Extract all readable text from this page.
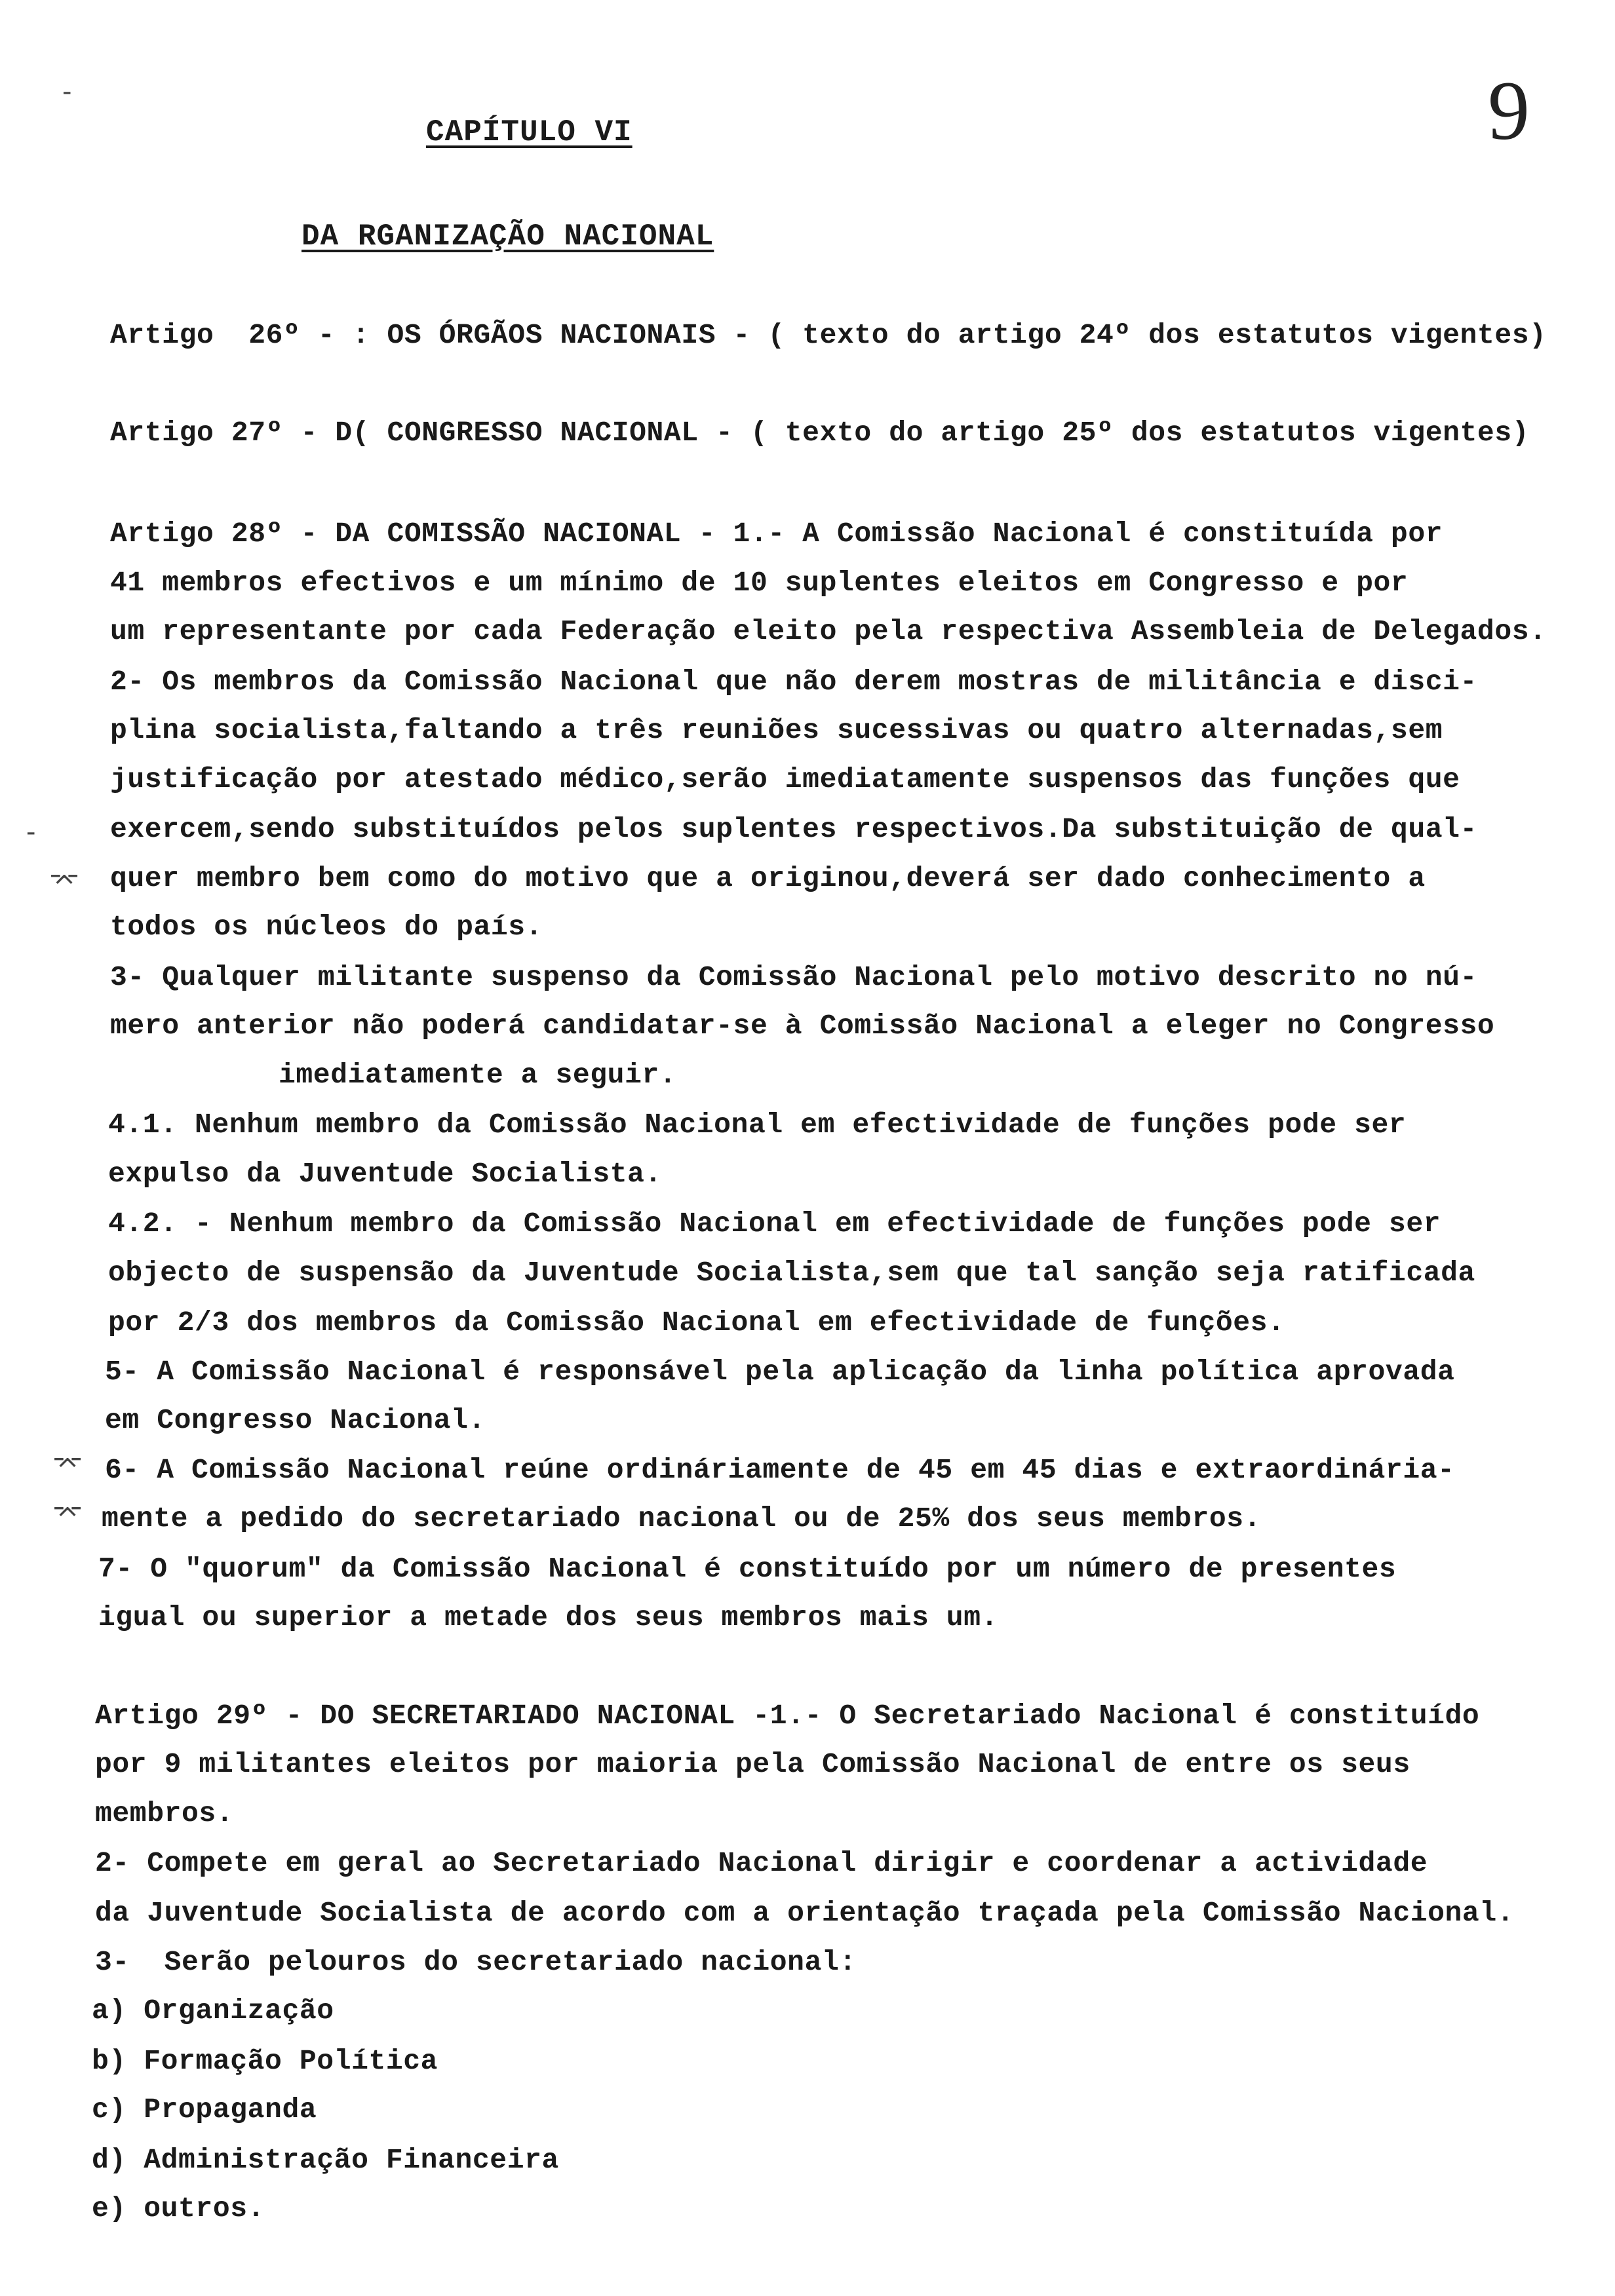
9
CAPÍTULO VI
DA RGANIZAÇÃO NACIONAL
Artigo  26º - : OS ÓRGÃOS NACIONAIS - ( texto do artigo 24º dos estatutos vigentes)
Artigo 27º - D( CONGRESSO NACIONAL - ( texto do artigo 25º dos estatutos vigentes)
Artigo 28º - DA COMISSÃO NACIONAL - 1.- A Comissão Nacional é constituída por
41 membros efectivos e um mínimo de 10 suplentes eleitos em Congresso e por
um representante por cada Federação eleito pela respectiva Assembleia de Delegados.
2- Os membros da Comissão Nacional que não derem mostras de militância e disci-
plina socialista,faltando a três reuniões sucessivas ou quatro alternadas,sem
justificação por atestado médico,serão imediatamente suspensos das funções que
exercem,sendo substituídos pelos suplentes respectivos.Da substituição de qual-
quer membro bem como do motivo que a originou,deverá ser dado conhecimento a
todos os núcleos do país.
3- Qualquer militante suspenso da Comissão Nacional pelo motivo descrito no nú-
mero anterior não poderá candidatar-se à Comissão Nacional a eleger no Congresso
imediatamente a seguir.
4.1. Nenhum membro da Comissão Nacional em efectividade de funções pode ser
expulso da Juventude Socialista.
4.2. - Nenhum membro da Comissão Nacional em efectividade de funções pode ser
objecto de suspensão da Juventude Socialista,sem que tal sanção seja ratificada
por 2/3 dos membros da Comissão Nacional em efectividade de funções.
5- A Comissão Nacional é responsável pela aplicação da linha política aprovada
em Congresso Nacional.
6- A Comissão Nacional reúne ordináriamente de 45 em 45 dias e extraordinária-
mente a pedido do secretariado nacional ou de 25% dos seus membros.
7- O "quorum" da Comissão Nacional é constituído por um número de presentes
igual ou superior a metade dos seus membros mais um.
Artigo 29º - DO SECRETARIADO NACIONAL -1.- O Secretariado Nacional é constituído
por 9 militantes eleitos por maioria pela Comissão Nacional de entre os seus
membros.
2- Compete em geral ao Secretariado Nacional dirigir e coordenar a actividade
da Juventude Socialista de acordo com a orientação traçada pela Comissão Nacional.
3-  Serão pelouros do secretariado nacional:
a) Organização
b) Formação Política
c) Propaganda
d) Administração Financeira
e) outros.
-
-
⌤
⌤
⌤
